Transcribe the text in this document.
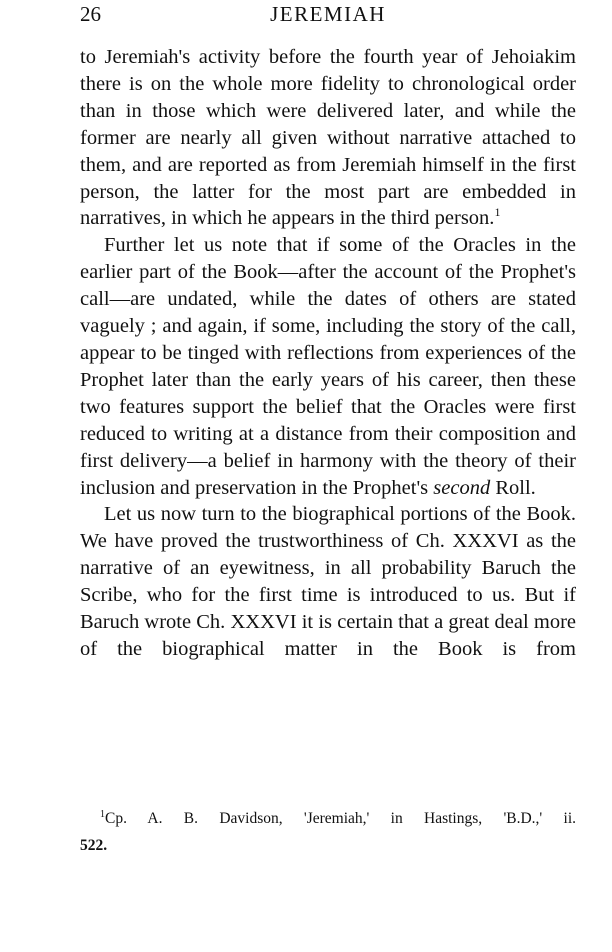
26	JEREMIAH

to Jeremiah's activity before the fourth year of Jehoiakim there is on the whole more fidelity to chronological order than in those which were delivered later, and while the former are nearly all given without narrative attached to them, and are reported as from Jeremiah himself in the first person, the latter for the most part are embedded in narratives, in which he appears in the third person.$^1$

Further let us note that if some of the Oracles in the earlier part of the Book—after the account of the Prophet's call—are undated, while the dates of others are stated vaguely ; and again, if some, including the story of the call, appear to be tinged with reflections from experiences of the Prophet later than the early years of his career, then these two features support the belief that the Oracles were first reduced to writing at a distance from their composition and first delivery—a belief in harmony with the theory of their inclusion and preservation in the Prophet's second Roll.

Let us now turn to the biographical portions of the Book. We have proved the trustworthiness of Ch. XXXVI as the narrative of an eyewitness, in all probability Baruch the Scribe, who for the first time is introduced to us. But if Baruch wrote Ch. XXXVI it is certain that a great deal more of the biographical matter in the Book is from

$^1$Cp. A. B. Davidson, 'Jeremiah,' in Hastings, 'B.D.,' ii.
522.
